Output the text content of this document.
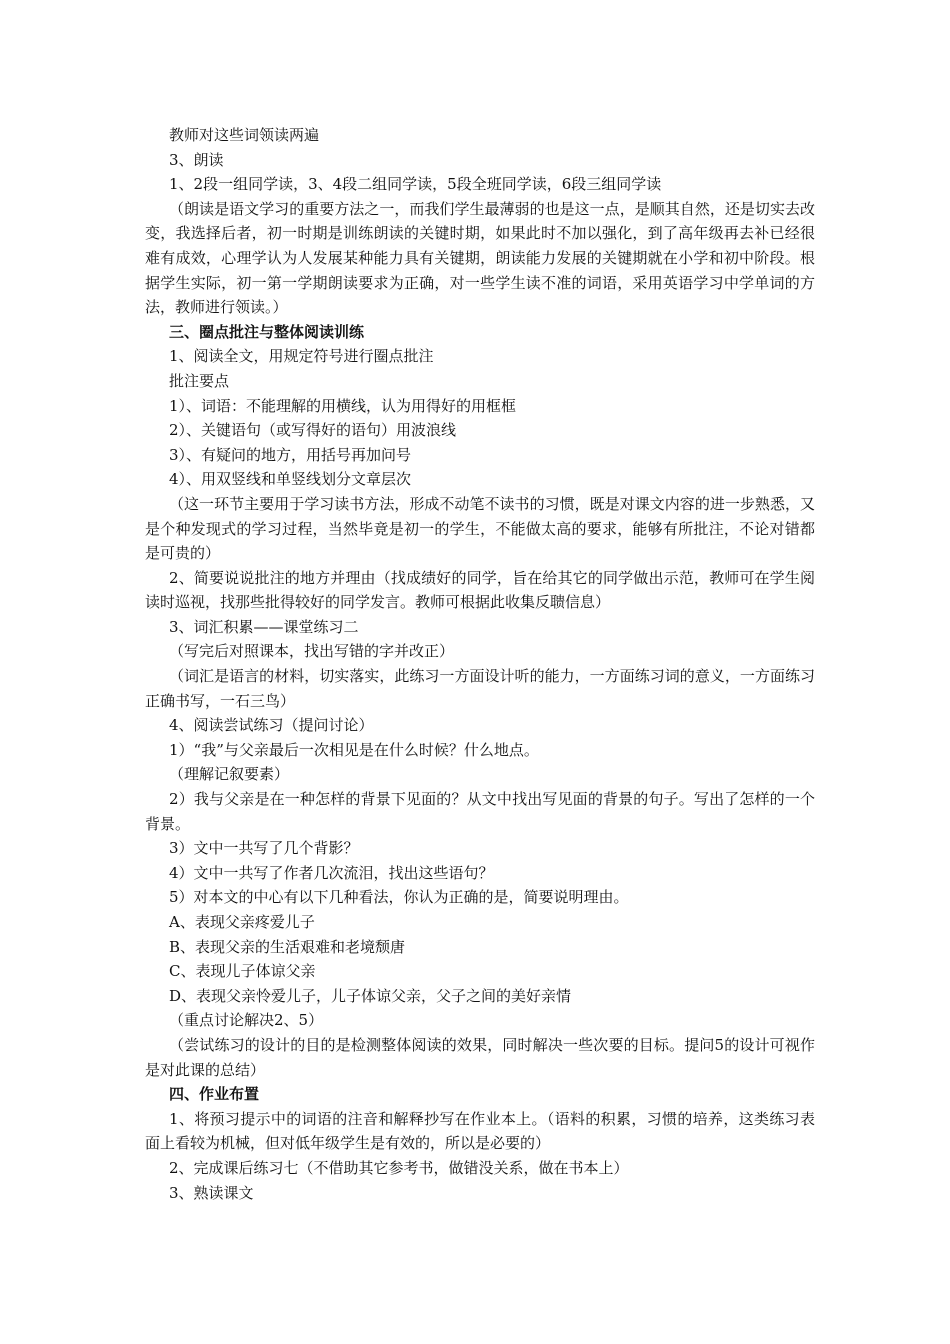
教师对这些词领读两遍

3、朗读

1、2段一组同学读，3、4段二组同学读，5段全班同学读，6段三组同学读

（朗读是语文学习的重要方法之一，而我们学生最薄弱的也是这一点，是顺其自然，还是切实去改变，我选择后者，初一时期是训练朗读的关键时期，如果此时不加以强化，到了高年级再去补已经很难有成效，心理学认为人发展某种能力具有关键期，朗读能力发展的关键期就在小学和初中阶段。根据学生实际，初一第一学期朗读要求为正确，对一些学生读不准的词语，采用英语学习中学单词的方法，教师进行领读。）

三、圈点批注与整体阅读训练

1、阅读全文，用规定符号进行圈点批注

批注要点

1）、词语：不能理解的用横线，认为用得好的用框框

2）、关键语句（或写得好的语句）用波浪线

3）、有疑问的地方，用括号再加问号

4）、用双竖线和单竖线划分文章层次

（这一环节主要用于学习读书方法，形成不动笔不读书的习惯，既是对课文内容的进一步熟悉，又是个种发现式的学习过程，当然毕竟是初一的学生，不能做太高的要求，能够有所批注，不论对错都是可贵的）

2、简要说说批注的地方并理由（找成绩好的同学，旨在给其它的同学做出示范，教师可在学生阅读时巡视，找那些批得较好的同学发言。教师可根据此收集反聩信息）

3、词汇积累——课堂练习二

（写完后对照课本，找出写错的字并改正）

（词汇是语言的材料，切实落实，此练习一方面设计听的能力，一方面练习词的意义，一方面练习正确书写，一石三鸟）

4、阅读尝试练习（提问讨论）

1）“我”与父亲最后一次相见是在什么时候？什么地点。

（理解记叙要素）

2）我与父亲是在一种怎样的背景下见面的？从文中找出写见面的背景的句子。写出了怎样的一个背景。

3）文中一共写了几个背影？

4）文中一共写了作者几次流泪，找出这些语句？

5）对本文的中心有以下几种看法，你认为正确的是，简要说明理由。

A、表现父亲疼爱儿子

B、表现父亲的生活艰难和老境颓唐

C、表现儿子体谅父亲

D、表现父亲怜爱儿子，儿子体谅父亲，父子之间的美好亲情

（重点讨论解决2、5）

（尝试练习的设计的目的是检测整体阅读的效果，同时解决一些次要的目标。提问5的设计可视作是对此课的总结）

四、作业布置

1、将预习提示中的词语的注音和解释抄写在作业本上。（语料的积累，习惯的培养，这类练习表面上看较为机械，但对低年级学生是有效的，所以是必要的）

2、完成课后练习七（不借助其它参考书，做错没关系，做在书本上）

3、熟读课文
